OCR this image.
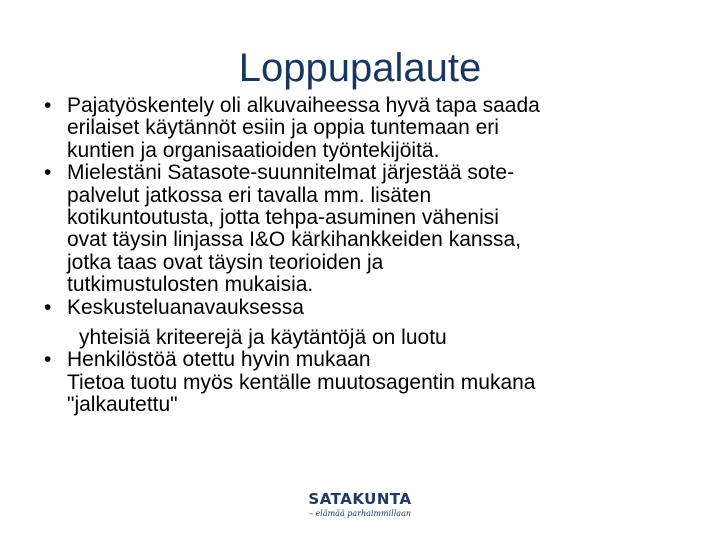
Loppupalaute
• Pajatyöskentely oli alkuvaiheessa hyvä tapa saada
erilaiset käytännöt esiin ja oppia tuntemaan eri
kuntien ja organisaatioiden työntekijöitä.
• Mielestäni Satasote-suunnitelmat järjestää sote-
palvelut jatkossa eri tavalla mm. lisäten
kotikuntoutusta, jotta tehpa-asuminen vähenisi
ovat täysin linjassa I&O kärkihankkeiden kanssa,
jotka taas ovat täysin teorioiden ja
tutkimustulosten mukaisia.
• Keskusteluanavauksessa
yhteisiä kriteerejä ja käytäntöjä on luotu
• Henkilöstöä otettu hyvin mukaan
Tietoa tuotu myös kentälle muutosagentin mukana
"jalkautettu"
SATAKUNTA
– elämää parhaimmillaan
